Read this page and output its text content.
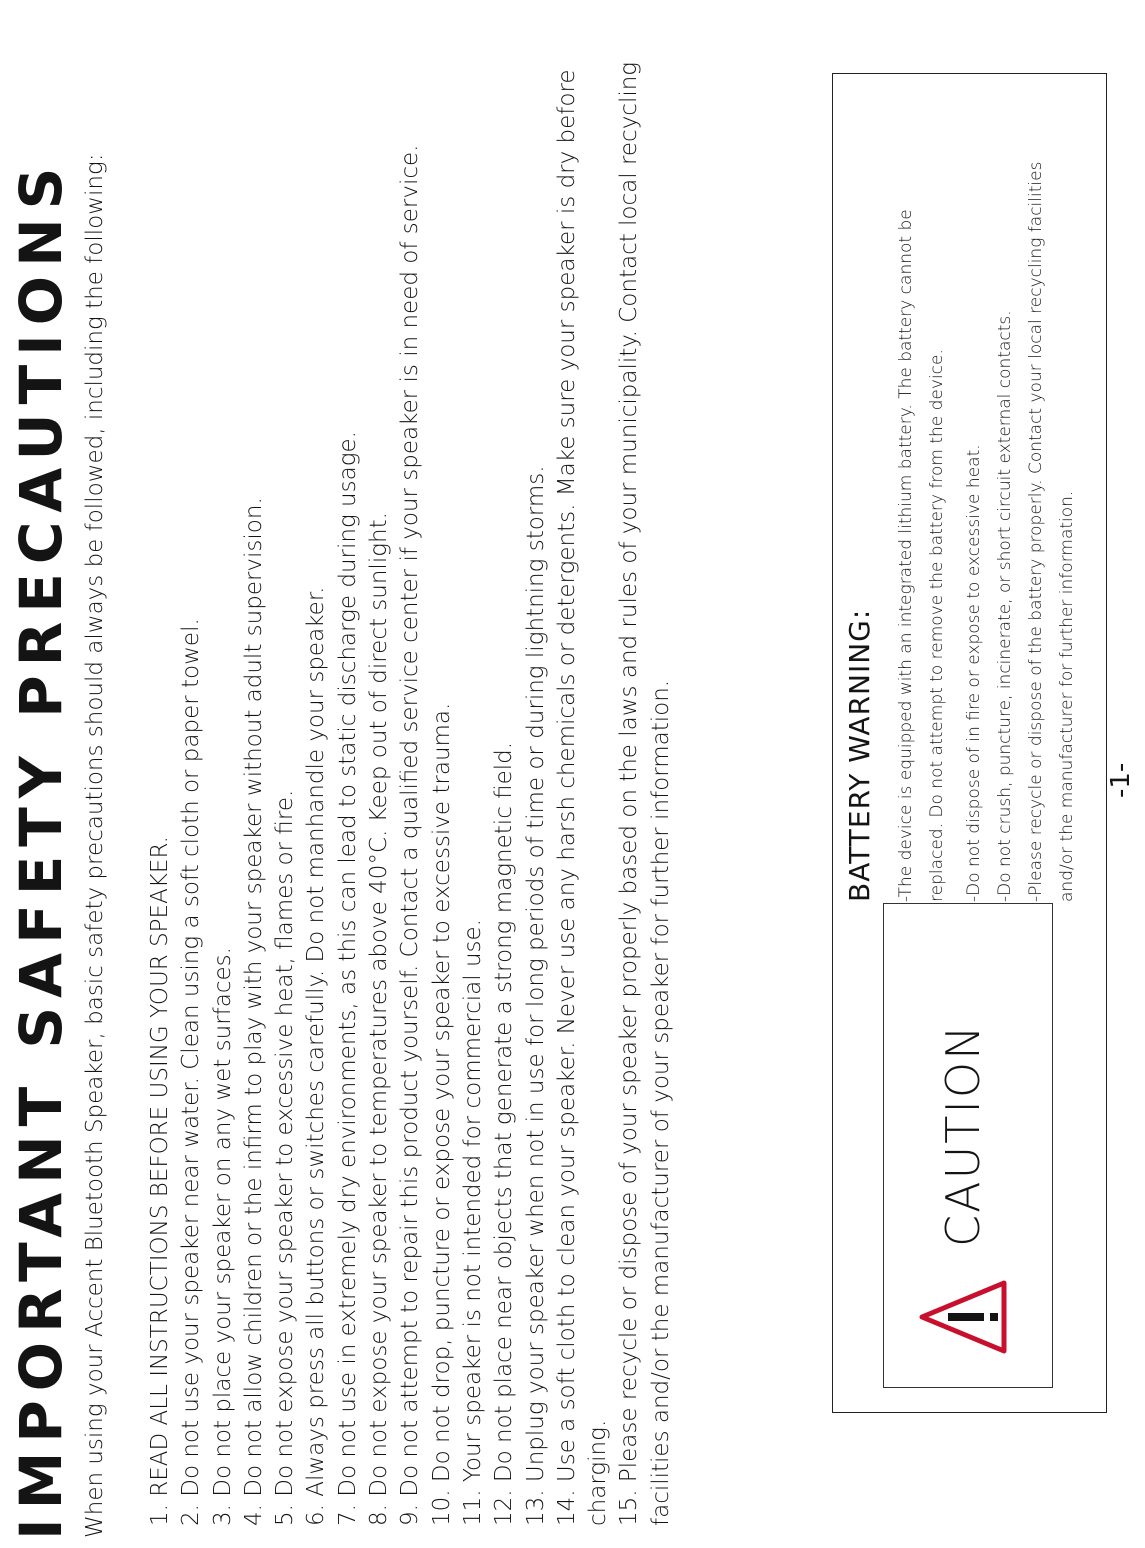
IMPORTANT SAFETY PRECAUTIONS When using your Accent Bluetooth Speaker, basic safety precautions should always be followed, including the following: 1. READ ALL INSTRUCTIONS BEFORE USING YOUR SPEAKER. 2. Do not use your speaker near water. Clean using a soft cloth or paper towel. 3. Do not place your speaker on any wet surfaces. 4. Do not allow children or the infirm to play with your speaker without adult supervision. 5. Do not expose your speaker to excessive heat, flames or fire. 6. Always press all buttons or switches carefully. Do not manhandle your speaker. 7. Do not use in extremely dry environments, as this can lead to static discharge during usage. 8. Do not expose your speaker to temperatures above 40°C. Keep out of direct sunlight. 9. Do not attempt to repair this product yourself. Contact a qualified service center if your speaker is in need of service. 10. Do not drop, puncture or expose your speaker to excessive trauma. 11. Your speaker is not intended for commercial use. 12. Do not place near objects that generate a strong magnetic field. 13. Unplug your speaker when not in use for long periods of time or during lightning storms. 14. Use a soft cloth to clean your speaker. Never use any harsh chemicals or detergents. Make sure your speaker is dry before charging. 15. Please recycle or dispose of your speaker properly based on the laws and rules of your municipality. Contact local recycling facilities and/or the manufacturer of your speaker for further information.	CAUTION
BATTERY WARNING: -The device is equipped with an integrated lithium battery. The battery cannot be replaced. Do not attempt to remove the battery from the device.	-Do not dispose of in fire or expose to excessive heat. -Do not crush, puncture, incinerate, or short circuit external contacts. -Please recycle or dispose of the battery properly. Contact your local recycling facilities and/or the manufacturer for further information. -1-
